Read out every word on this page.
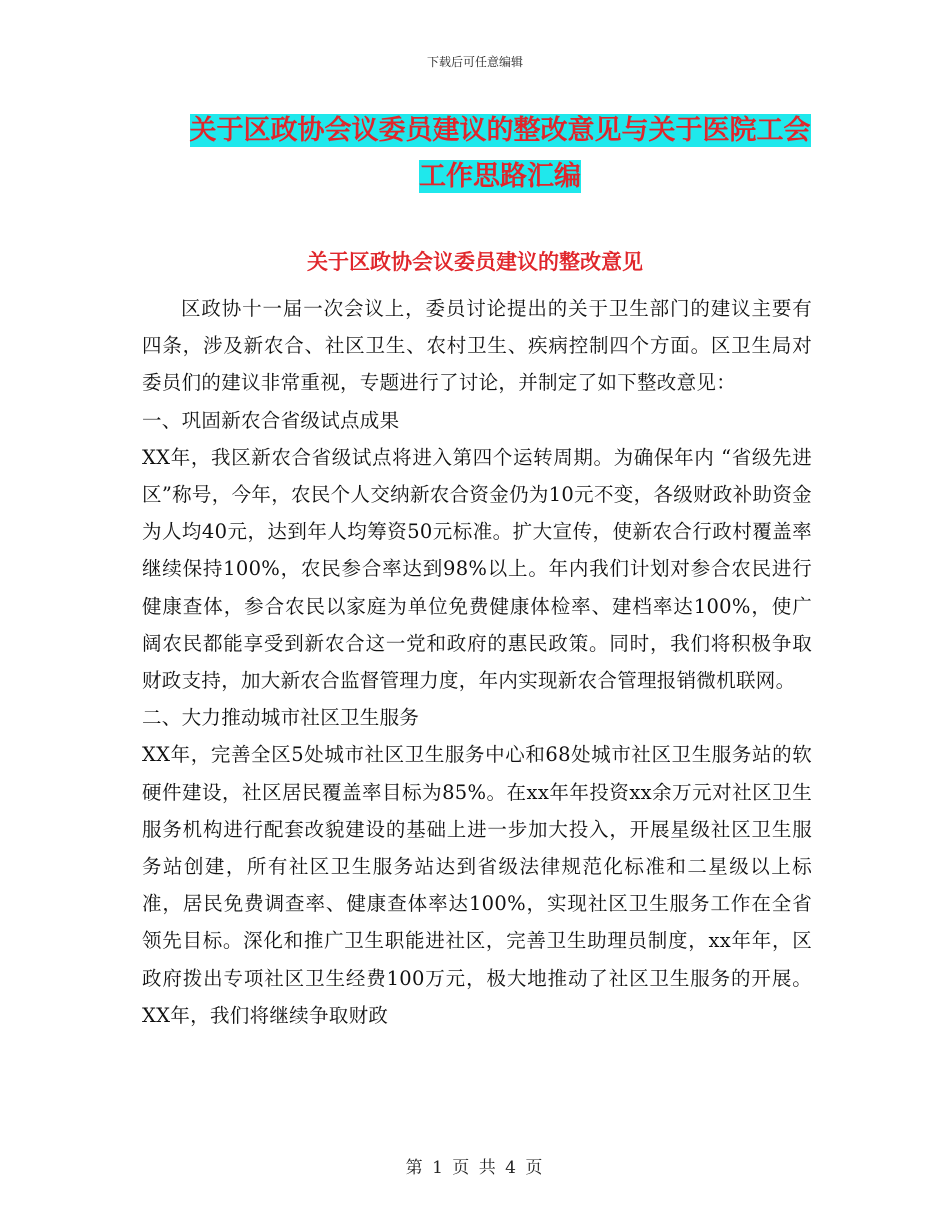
下载后可任意编辑
关于区政协会议委员建议的整改意见与关于医院工会
工作思路汇编
关于区政协会议委员建议的整改意见

区政协十一届一次会议上，委员讨论提出的关于卫生部门的建议主要有四条，涉及新农合、社区卫生、农村卫生、疾病控制四个方面。区卫生局对委员们的建议非常重视，专题进行了讨论，并制定了如下整改意见：

一、巩固新农合省级试点成果

XX年，我区新农合省级试点将进入第四个运转周期。为确保年内 “省级先进区”称号，今年，农民个人交纳新农合资金仍为10元不变，各级财政补助资金为人均40元，达到年人均筹资50元标准。扩大宣传，使新农合行政村覆盖率继续保持100%，农民参合率达到98%以上。年内我们计划对参合农民进行健康查体，参合农民以家庭为单位免费健康体检率、建档率达100%，使广阔农民都能享受到新农合这一党和政府的惠民政策。同时，我们将积极争取财政支持，加大新农合监督管理力度，年内实现新农合管理报销微机联网。

二、大力推动城市社区卫生服务

XX年，完善全区5处城市社区卫生服务中心和68处城市社区卫生服务站的软硬件建设，社区居民覆盖率目标为85%。在xx年年投资xx余万元对社区卫生服务机构进行配套改貌建设的基础上进一步加大投入，开展星级社区卫生服务站创建，所有社区卫生服务站达到省级法律规范化标准和二星级以上标准，居民免费调查率、健康查体率达100%，实现社区卫生服务工作在全省领先目标。深化和推广卫生职能进社区，完善卫生助理员制度，xx年年，区政府拨出专项社区卫生经费100万元，极大地推动了社区卫生服务的开展。XX年，我们将继续争取财政

第 1 页 共 4 页
